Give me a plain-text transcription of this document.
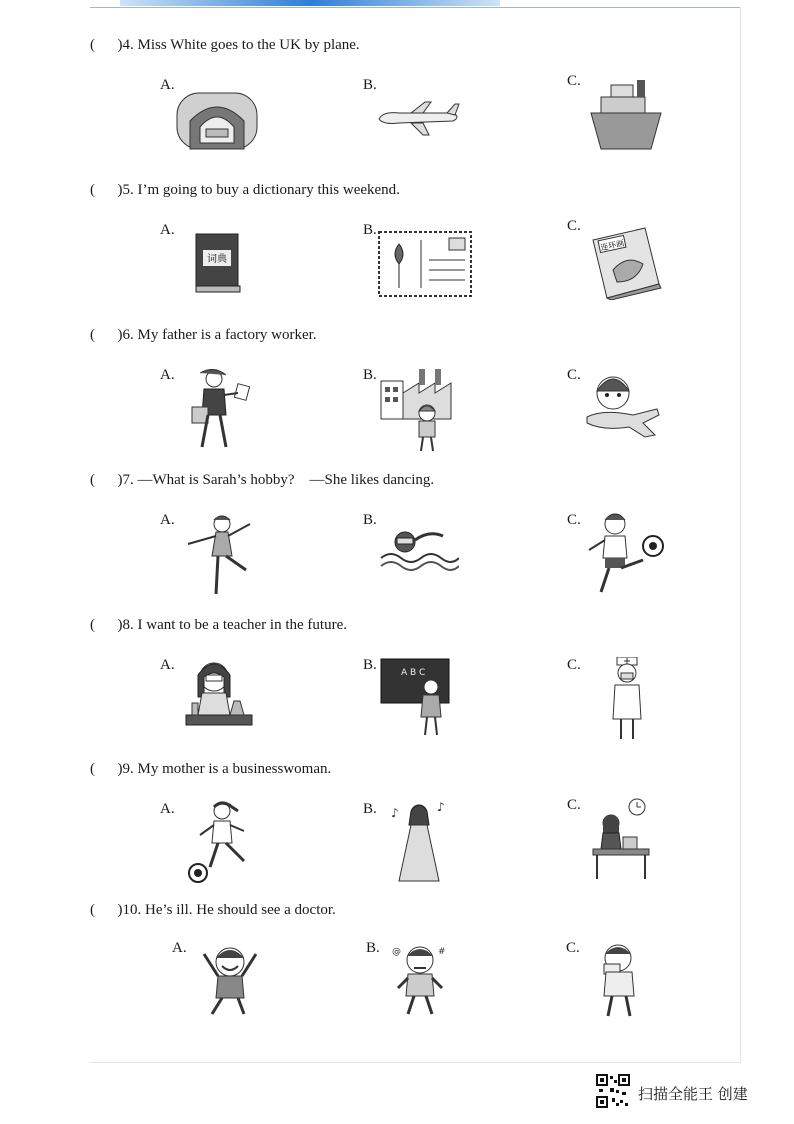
(      )4. Miss White goes to the UK by plane.
A.	B.	C.
(      )5. I’m going to buy a dictionary this weekend.
A.
词典
B.	C.
连环画
(      )6. My father is a factory worker.
A.	B.	C.
(      )7. —What is Sarah’s hobby?    —She likes dancing.
A.	B.	C.
(      )8. I want to be a teacher in the future.
A.	B.	A B C	C.
(      )9. My mother is a businesswoman.
A.	B. ♪	♪	C.
(      )10. He’s ill. He should see a doctor.
A.	B. @	#	C.
扫描全能王 创建
